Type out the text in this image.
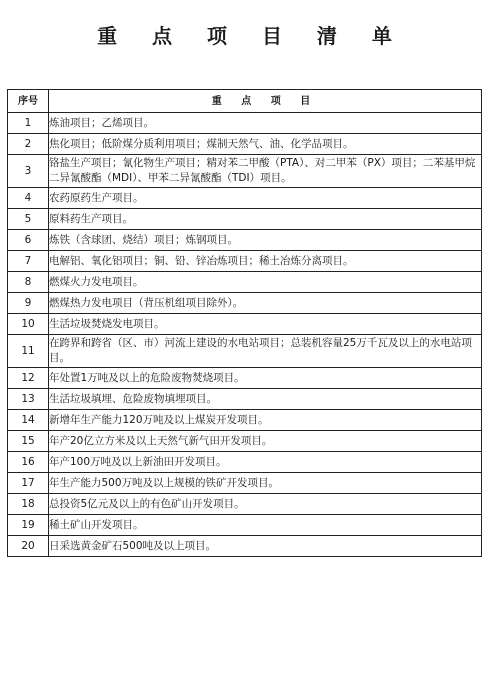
重 点 项 目 清 单
序号	重 点 项 目
1	炼油项目；乙烯项目。
2	焦化项目；低阶煤分质利用项目；煤制天然气、油、化学品项目。
3	铬盐生产项目；氰化物生产项目；精对苯二甲酸（PTA）、对二甲苯（PX）项目；二苯基甲烷二异氰酸酯（MDI）、甲苯二异氰酸酯（TDI）项目。
4	农药原药生产项目。
5	原料药生产项目。
6	炼铁（含球团、烧结）项目；炼钢项目。
7	电解铝、氧化铝项目；铜、铅、锌冶炼项目；稀土冶炼分离项目。
8	燃煤火力发电项目。
9	燃煤热力发电项目（背压机组项目除外）。
10	生活垃圾焚烧发电项目。
11	在跨界和跨省（区、市）河流上建设的水电站项目；总装机容量25万千瓦及以上的水电站项目。
12	年处置1万吨及以上的危险废物焚烧项目。
13	生活垃圾填埋、危险废物填埋项目。
14	新增年生产能力120万吨及以上煤炭开发项目。
15	年产20亿立方米及以上天然气新气田开发项目。
16	年产100万吨及以上新油田开发项目。
17	年生产能力500万吨及以上规模的铁矿开发项目。
18	总投资5亿元及以上的有色矿山开发项目。
19	稀土矿山开发项目。
20	日采选黄金矿石500吨及以上项目。
